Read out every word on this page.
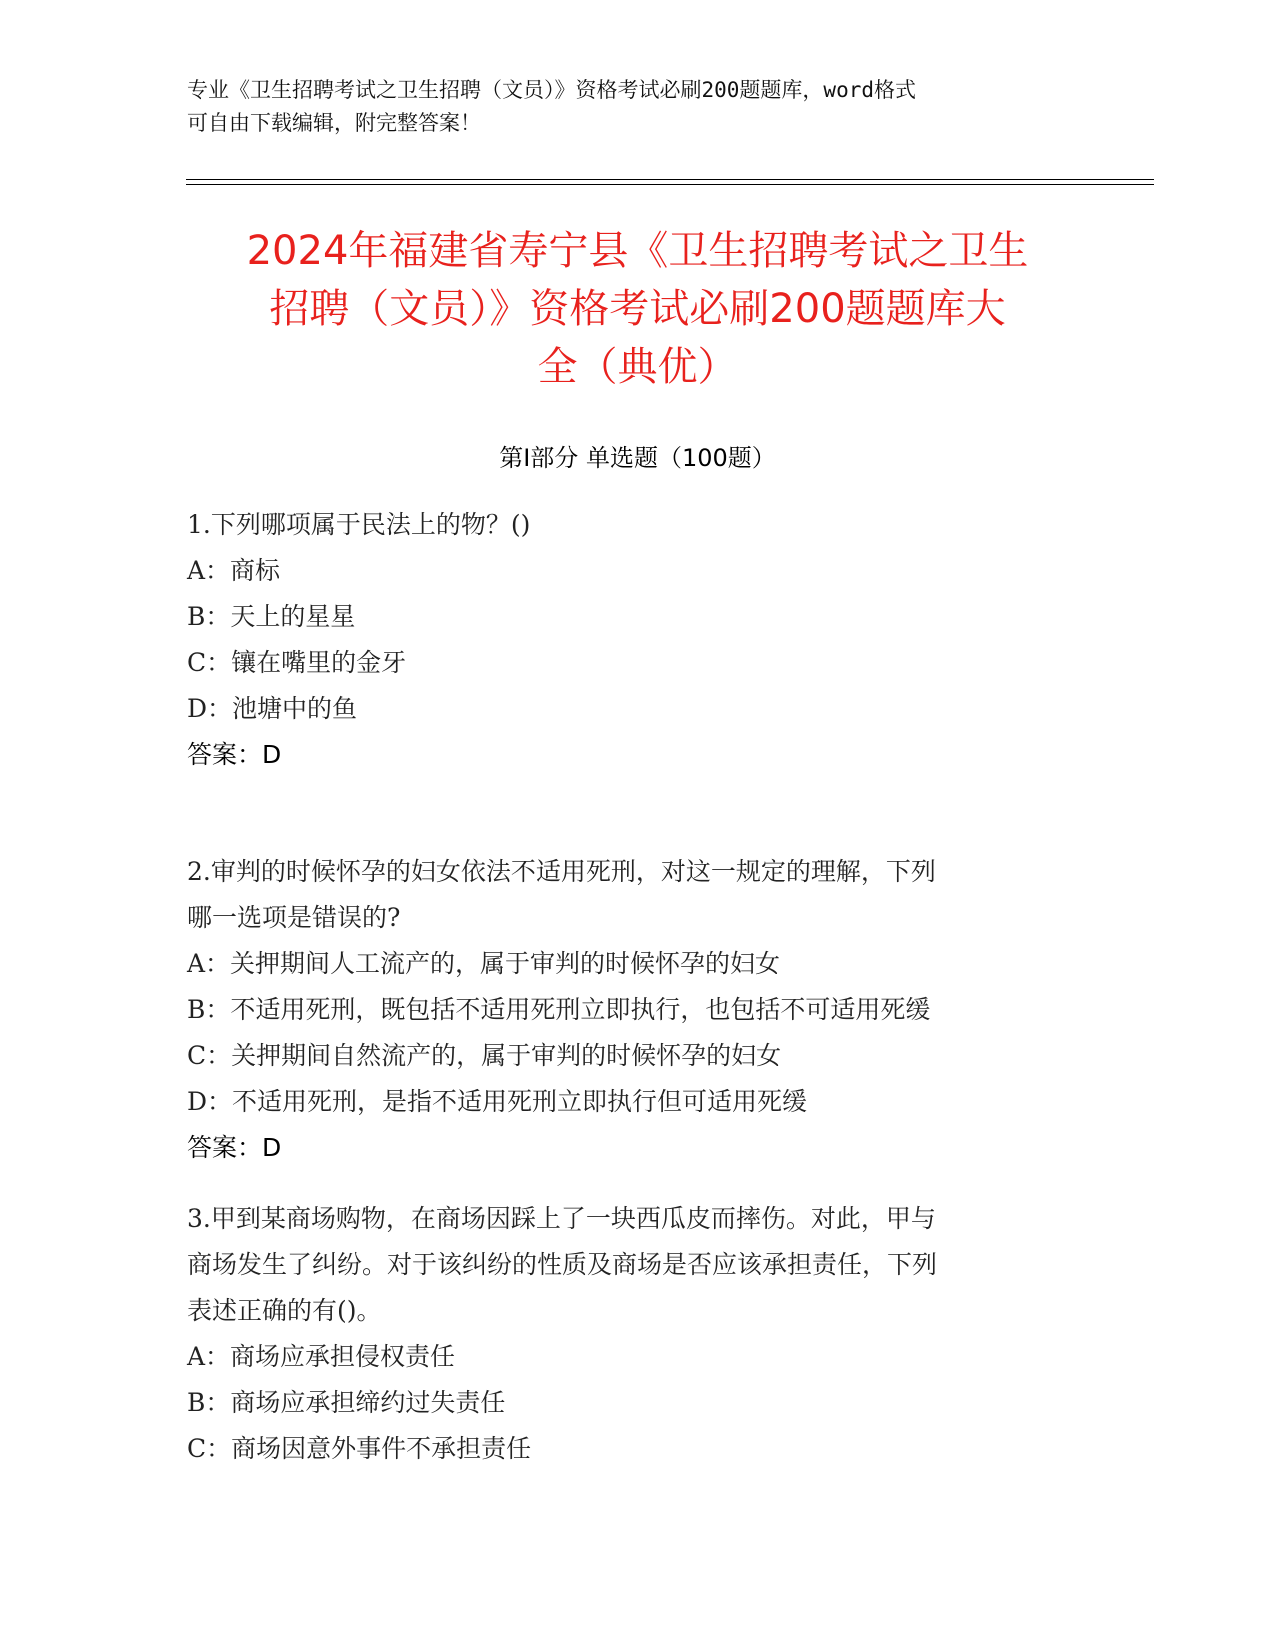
专业《卫生招聘考试之卫生招聘（文员）》资格考试必刷200题题库，word格式
可自由下载编辑，附完整答案！
2024年福建省寿宁县《卫生招聘考试之卫生
招聘（文员）》资格考试必刷200题题库大
全（典优）
第Ⅰ部分 单选题（100题）
1.下列哪项属于民法上的物？()
A：商标
B：天上的星星
C：镶在嘴里的金牙
D：池塘中的鱼
答案：D
2.审判的时候怀孕的妇女依法不适用死刑，对这一规定的理解，下列
哪一选项是错误的?
A：关押期间人工流产的，属于审判的时候怀孕的妇女
B：不适用死刑，既包括不适用死刑立即执行，也包括不可适用死缓
C：关押期间自然流产的，属于审判的时候怀孕的妇女
D：不适用死刑，是指不适用死刑立即执行但可适用死缓
答案：D
3.甲到某商场购物，在商场因踩上了一块西瓜皮而摔伤。对此，甲与
商场发生了纠纷。对于该纠纷的性质及商场是否应该承担责任，下列
表述正确的有()。
A：商场应承担侵权责任
B：商场应承担缔约过失责任
C：商场因意外事件不承担责任
